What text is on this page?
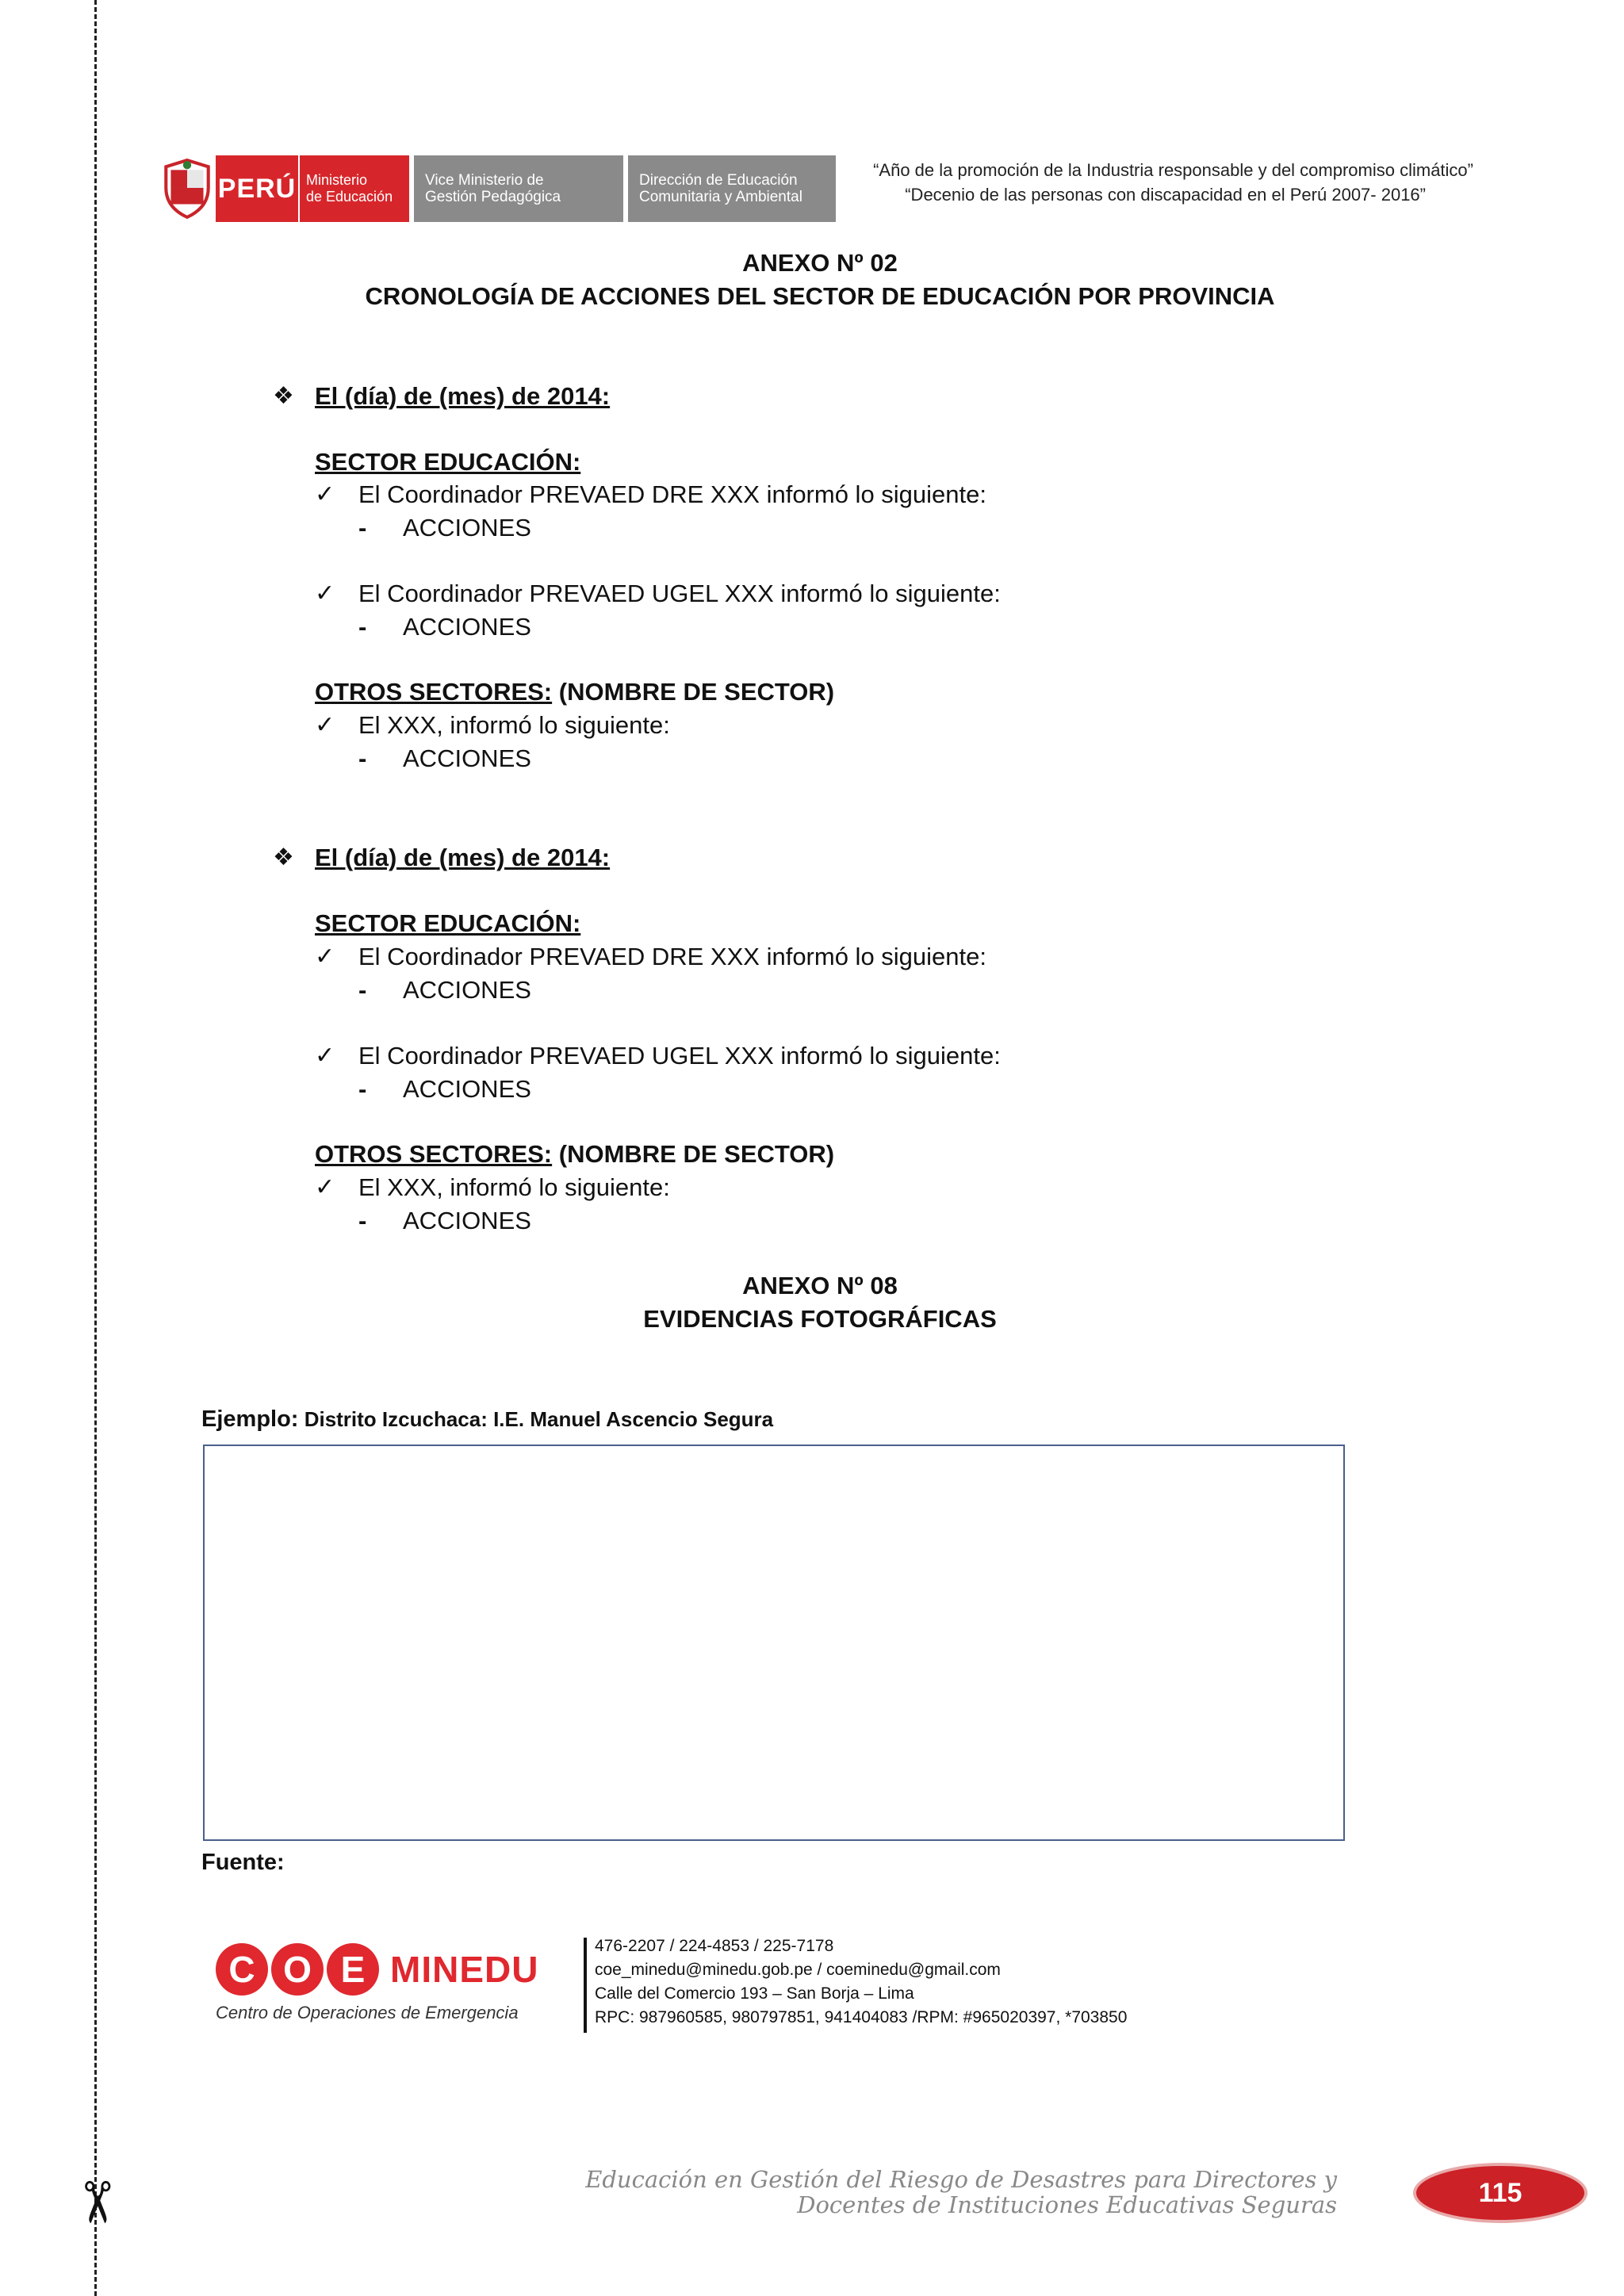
✂
PERÚ Ministerio
de Educación
Vice Ministerio de
Gestión Pedagógica
Dirección de Educación
Comunitaria y Ambiental
“Año de la promoción de la Industria responsable y del compromiso climático”
“Decenio de las personas con discapacidad en el Perú 2007- 2016”
ANEXO Nº 02
CRONOLOGÍA DE ACCIONES DEL SECTOR DE EDUCACIÓN POR PROVINCIA
❖ El (día) de (mes) de 2014:
SECTOR EDUCACIÓN:
✓ El Coordinador PREVAED DRE XXX informó lo siguiente:
- ACCIONES
✓ El Coordinador PREVAED UGEL XXX informó lo siguiente:
- ACCIONES
OTROS SECTORES: (NOMBRE DE SECTOR)
✓ El XXX, informó lo siguiente:
- ACCIONES
❖ El (día) de (mes) de 2014:
SECTOR EDUCACIÓN:
✓ El Coordinador PREVAED DRE XXX informó lo siguiente:
- ACCIONES
✓ El Coordinador PREVAED UGEL XXX informó lo siguiente:
- ACCIONES
OTROS SECTORES: (NOMBRE DE SECTOR)
✓ El XXX, informó lo siguiente:
- ACCIONES
ANEXO Nº 08
EVIDENCIAS FOTOGRÁFICAS
Ejemplo: Distrito Izcuchaca: I.E. Manuel Ascencio Segura
Fuente:
C O E MINEDU
Centro de Operaciones de Emergencia
476-2207 / 224-4853 / 225-7178
coe_minedu@minedu.gob.pe / coeminedu@gmail.com
Calle del Comercio 193 – San Borja – Lima
RPC: 987960585, 980797851, 941404083 /RPM: #965020397, *703850
Educación en Gestión del Riesgo de Desastres para Directores y
Docentes de Instituciones Educativas Seguras	115
